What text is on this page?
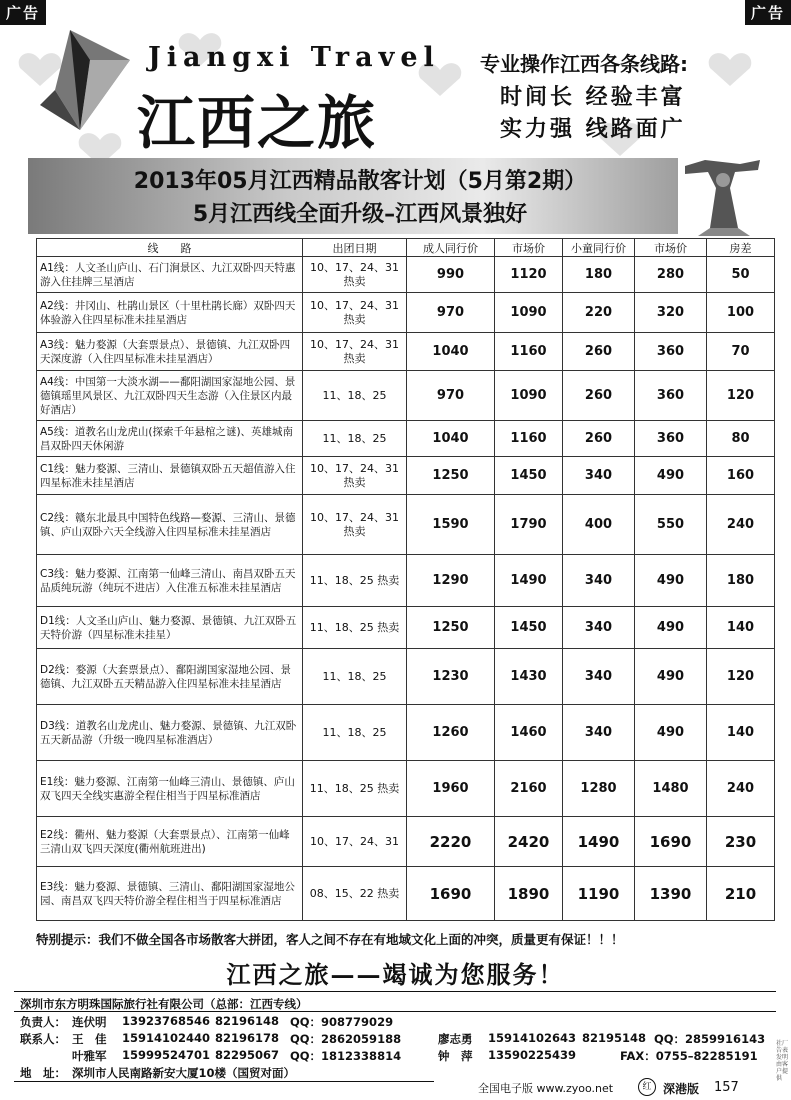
广告	广告
Jiangxi Travel
江西之旅
专业操作江西各条线路:
时间长 经验丰富
实力强 线路面广
2013年05月江西精品散客计划（5月第2期）
5月江西线全面升级–江西风景独好
线　　路	出团日期	成人同行价	市场价	小童同行价	市场价	房差
A1线：人文圣山庐山、石门涧景区、九江双卧四天特惠游入住挂牌三星酒店	10、17、24、31 热卖	990	1120	180	280	50
A2线：井冈山、杜鹃山景区（十里杜鹃长廊）双卧四天体验游入住四星标准未挂星酒店	10、17、24、31 热卖	970	1090	220	320	100
A3线：魅力婺源（大套票景点）、景德镇、九江双卧四天深度游（入住四星标准未挂星酒店）	10、17、24、31 热卖	1040	1160	260	360	70
A4线：中国第一大淡水湖——鄱阳湖国家湿地公园、景德镇瑶里风景区、九江双卧四天生态游（入住景区内最好酒店）	11、18、25	970	1090	260	360	120
A5线：道教名山龙虎山(探索千年悬棺之谜)、英雄城南昌双卧四天休闲游	11、18、25	1040	1160	260	360	80
C1线：魅力婺源、三清山、景德镇双卧五天超值游入住四星标准未挂星酒店	10、17、24、31 热卖	1250	1450	340	490	160
C2线：赣东北最具中国特色线路—婺源、三清山、景德镇、庐山双卧六天全线游入住四星标准未挂星酒店	10、17、24、31 热卖	1590	1790	400	550	240
C3线：魅力婺源、江南第一仙峰三清山、南昌双卧五天品质纯玩游（纯玩不进店）入住准五标准未挂星酒店	11、18、25 热卖	1290	1490	340	490	180
D1线：人文圣山庐山、魅力婺源、景德镇、九江双卧五天特价游（四星标准未挂星）	11、18、25 热卖	1250	1450	340	490	140
D2线：婺源（大套票景点）、鄱阳湖国家湿地公园、景德镇、九江双卧五天精品游入住四星标准未挂星酒店	11、18、25	1230	1430	340	490	120
D3线：道教名山龙虎山、魅力婺源、景德镇、九江双卧五天新品游（升级一晚四星标准酒店）	11、18、25	1260	1460	340	490	140
E1线：魅力婺源、江南第一仙峰三清山、景德镇、庐山双飞四天全线实惠游全程住相当于四星标准酒店	11、18、25 热卖	1960	2160	1280	1480	240
E2线：衢州、魅力婺源（大套票景点）、江南第一仙峰三清山双飞四天深度(衢州航班进出)	10、17、24、31	2220	2420	1490	1690	230
E3线：魅力婺源、景德镇、三清山、鄱阳湖国家湿地公园、南昌双飞四天特价游全程住相当于四星标准酒店	08、15、22 热卖	1690	1890	1190	1390	210
特别提示：我们不做全国各市场散客大拼团，客人之间不存在有地域文化上面的冲突，质量更有保证！！！
江西之旅——竭诚为您服务！
深圳市东方明珠国际旅行社有限公司（总部：江西专线）
负责人： 连伏明 13923768546 82196148 QQ：908779029
联系人： 王　佳 15914102440 82196178 QQ：2862059188	廖志勇 15914102643 82195148 QQ：2859916143
叶雅军 15999524701 82295067 QQ：1812338814	钟　萍 13590225439	FAX：0755–82285191
地　址： 深圳市人民南路新安大厦10楼（国贸对面）
社厂告表发明由客户提供
全国电子版 www.zyoo.net	红 深港版 157
